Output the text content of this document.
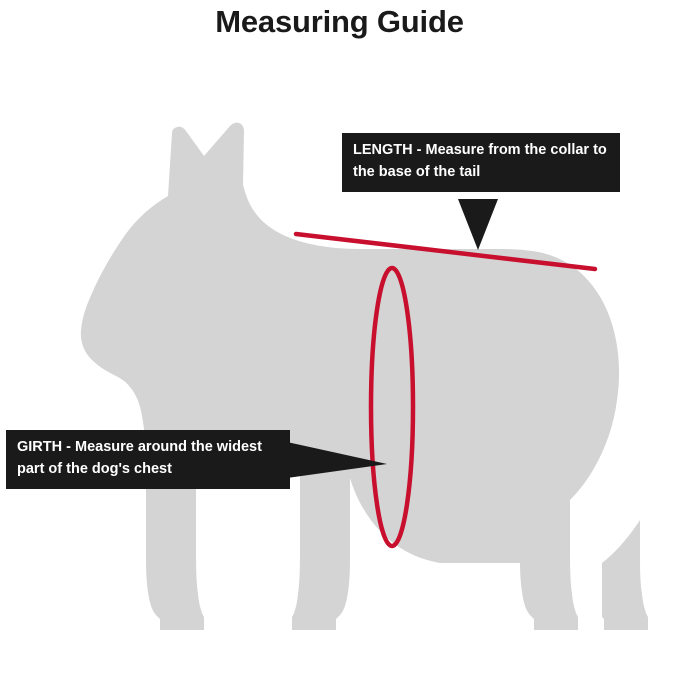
Measuring Guide
LENGTH - Measure from the collar to the base of the tail
GIRTH - Measure around the widest part of the dog's chest
